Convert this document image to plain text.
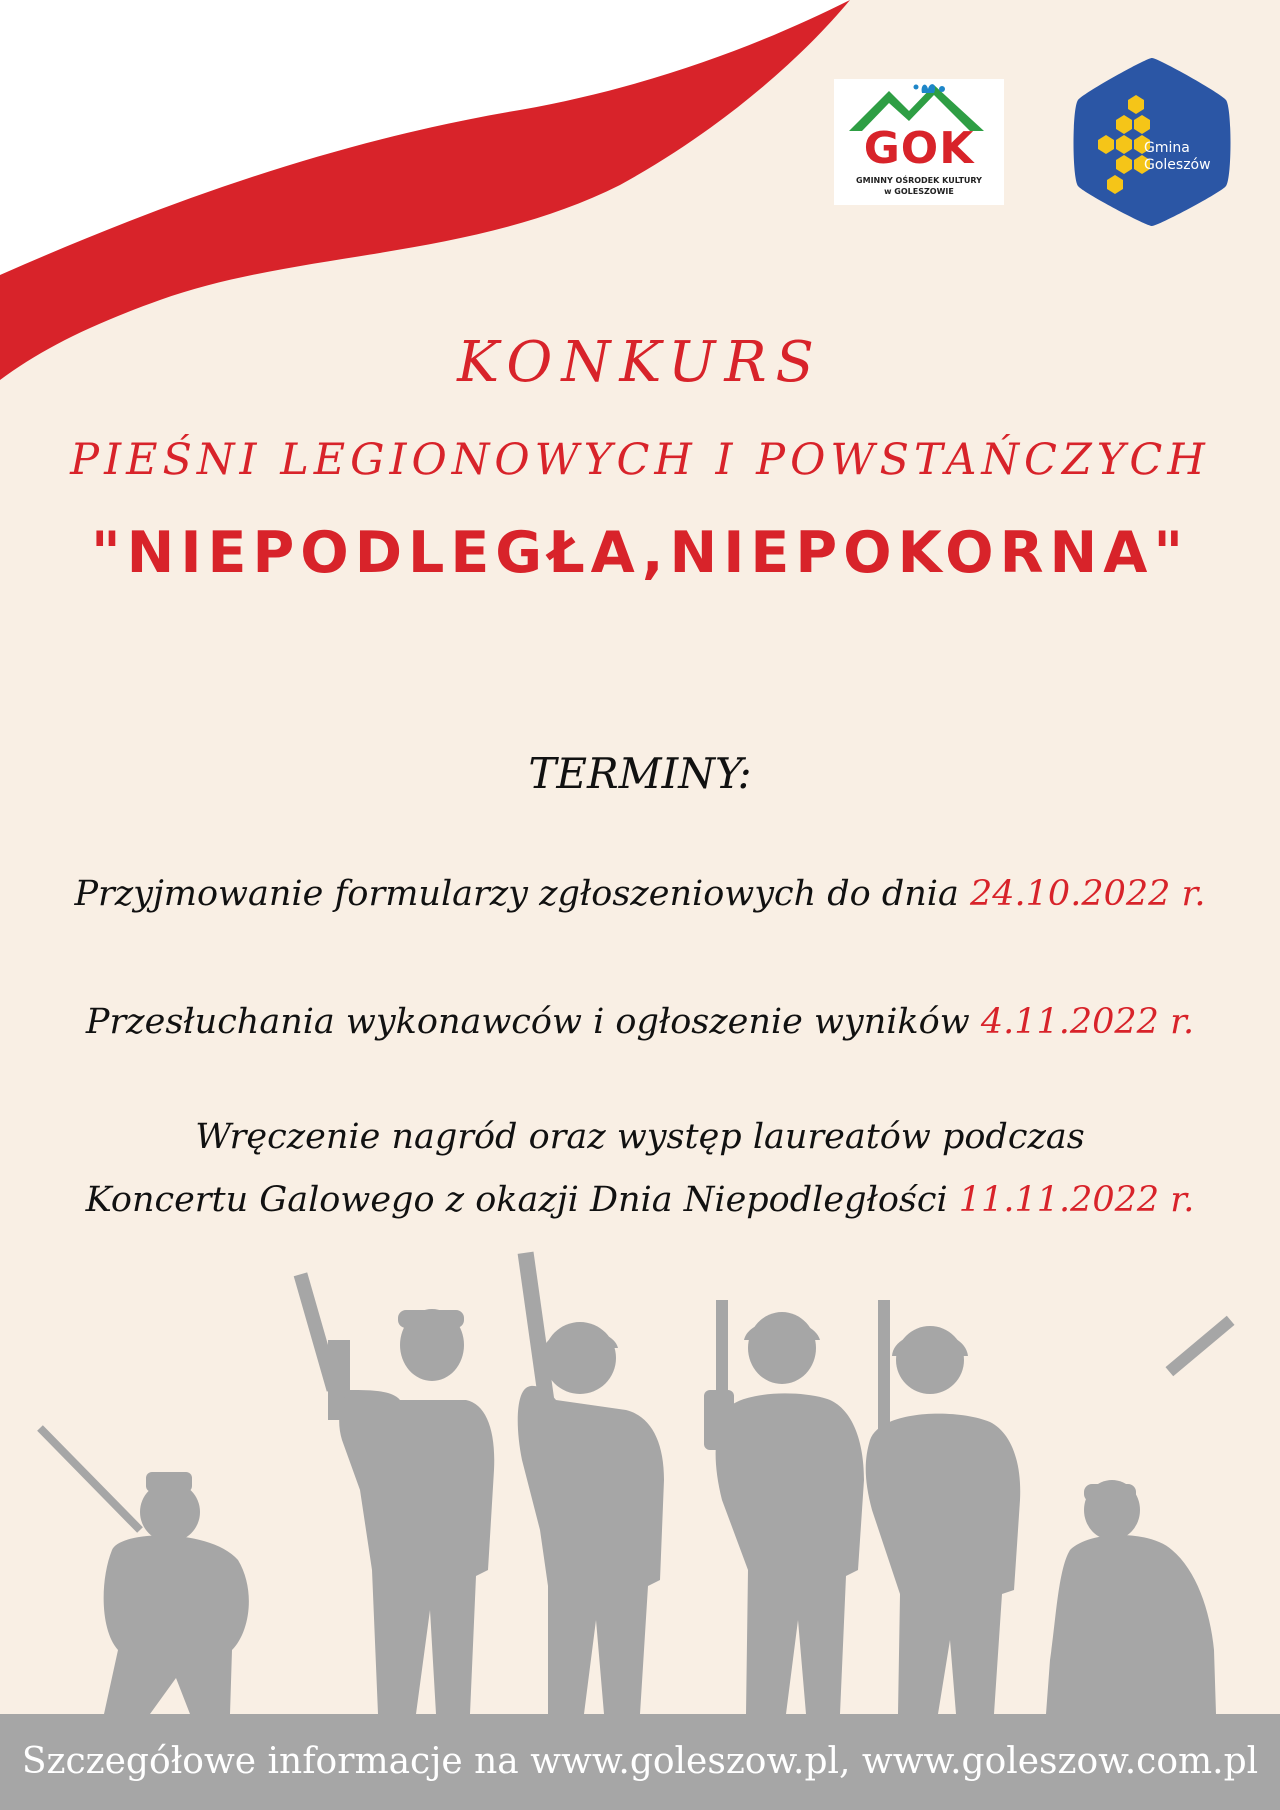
GOK
GMINNY OŚRODEK KULTURY
w GOLESZOWIE
Gmina
Goleszów
KONKURS
PIEŚNI LEGIONOWYCH I POWSTAŃCZYCH
"NIEPODLEGŁA,NIEPOKORNA"
TERMINY:
Przyjmowanie formularzy zgłoszeniowych do dnia 24.10.2022 r.
Przesłuchania wykonawców i ogłoszenie wyników 4.11.2022 r.
Wręczenie nagród oraz występ laureatów podczas
Koncertu Galowego z okazji Dnia Niepodległości 11.11.2022 r.
Szczegółowe informacje na www.goleszow.pl, www.goleszow.com.pl
